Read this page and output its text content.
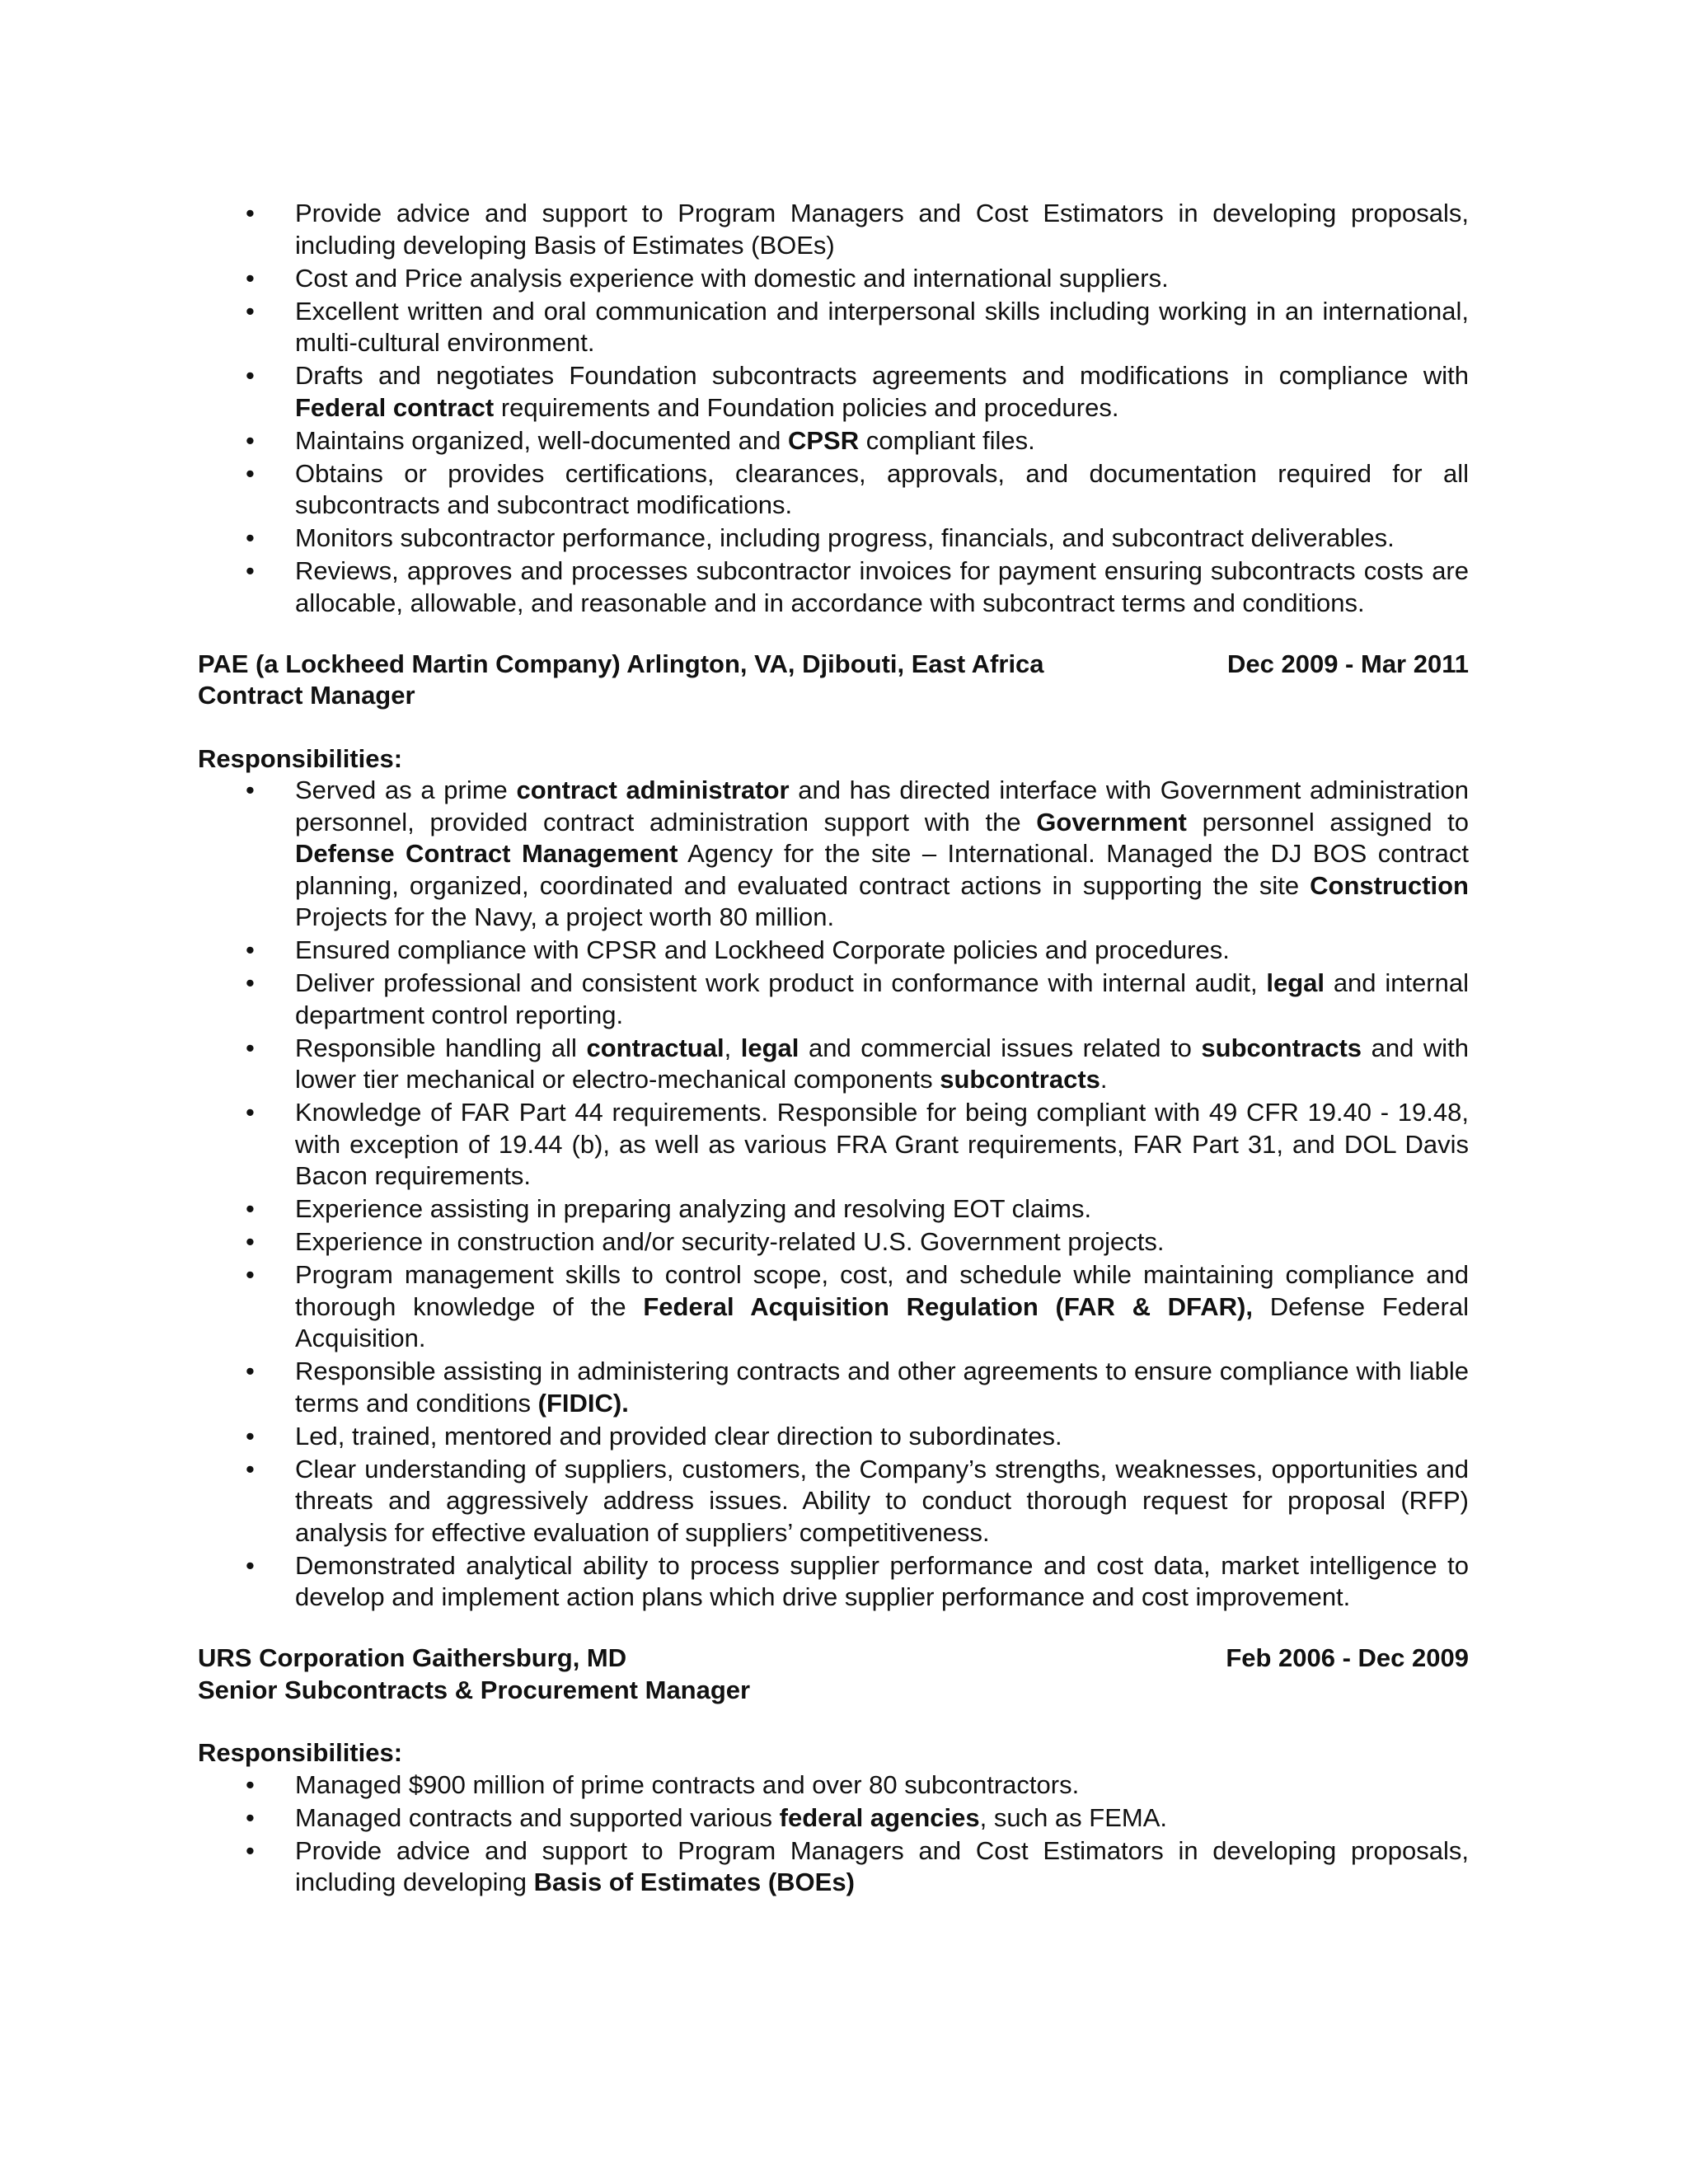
• Provide advice and support to Program Managers and Cost Estimators in developing proposals, including developing Basis of Estimates (BOEs)
• Cost and Price analysis experience with domestic and international suppliers.
• Excellent written and oral communication and interpersonal skills including working in an international, multi-cultural environment.
• Drafts and negotiates Foundation subcontracts agreements and modifications in compliance with Federal contract requirements and Foundation policies and procedures.
• Maintains organized, well-documented and CPSR compliant files.
• Obtains or provides certifications, clearances, approvals, and documentation required for all subcontracts and subcontract modifications.
• Monitors subcontractor performance, including progress, financials, and subcontract deliverables.
• Reviews, approves and processes subcontractor invoices for payment ensuring subcontracts costs are allocable, allowable, and reasonable and in accordance with subcontract terms and conditions.
PAE (a Lockheed Martin Company) Arlington, VA, Djibouti, East Africa	Dec 2009 - Mar 2011
Contract Manager
Responsibilities:
• Served as a prime contract administrator and has directed interface with Government administration personnel, provided contract administration support with the Government personnel assigned to Defense Contract Management Agency for the site – International. Managed the DJ BOS contract planning, organized, coordinated and evaluated contract actions in supporting the site Construction Projects for the Navy, a project worth 80 million.
• Ensured compliance with CPSR and Lockheed Corporate policies and procedures.
• Deliver professional and consistent work product in conformance with internal audit, legal and internal department control reporting.
• Responsible handling all contractual, legal and commercial issues related to subcontracts and with lower tier mechanical or electro-mechanical components subcontracts.
• Knowledge of FAR Part 44 requirements. Responsible for being compliant with 49 CFR 19.40 - 19.48, with exception of 19.44 (b), as well as various FRA Grant requirements, FAR Part 31, and DOL Davis Bacon requirements.
• Experience assisting in preparing analyzing and resolving EOT claims.
• Experience in construction and/or security-related U.S. Government projects.
• Program management skills to control scope, cost, and schedule while maintaining compliance and thorough knowledge of the Federal Acquisition Regulation (FAR & DFAR), Defense Federal Acquisition.
• Responsible assisting in administering contracts and other agreements to ensure compliance with liable terms and conditions (FIDIC).
• Led, trained, mentored and provided clear direction to subordinates.
• Clear understanding of suppliers, customers, the Company’s strengths, weaknesses, opportunities and threats and aggressively address issues. Ability to conduct thorough request for proposal (RFP) analysis for effective evaluation of suppliers’ competitiveness.
• Demonstrated analytical ability to process supplier performance and cost data, market intelligence to develop and implement action plans which drive supplier performance and cost improvement.
URS Corporation Gaithersburg, MD	Feb 2006 - Dec 2009
Senior Subcontracts & Procurement Manager
Responsibilities:
• Managed $900 million of prime contracts and over 80 subcontractors.
• Managed contracts and supported various federal agencies, such as FEMA.
• Provide advice and support to Program Managers and Cost Estimators in developing proposals, including developing Basis of Estimates (BOEs)
